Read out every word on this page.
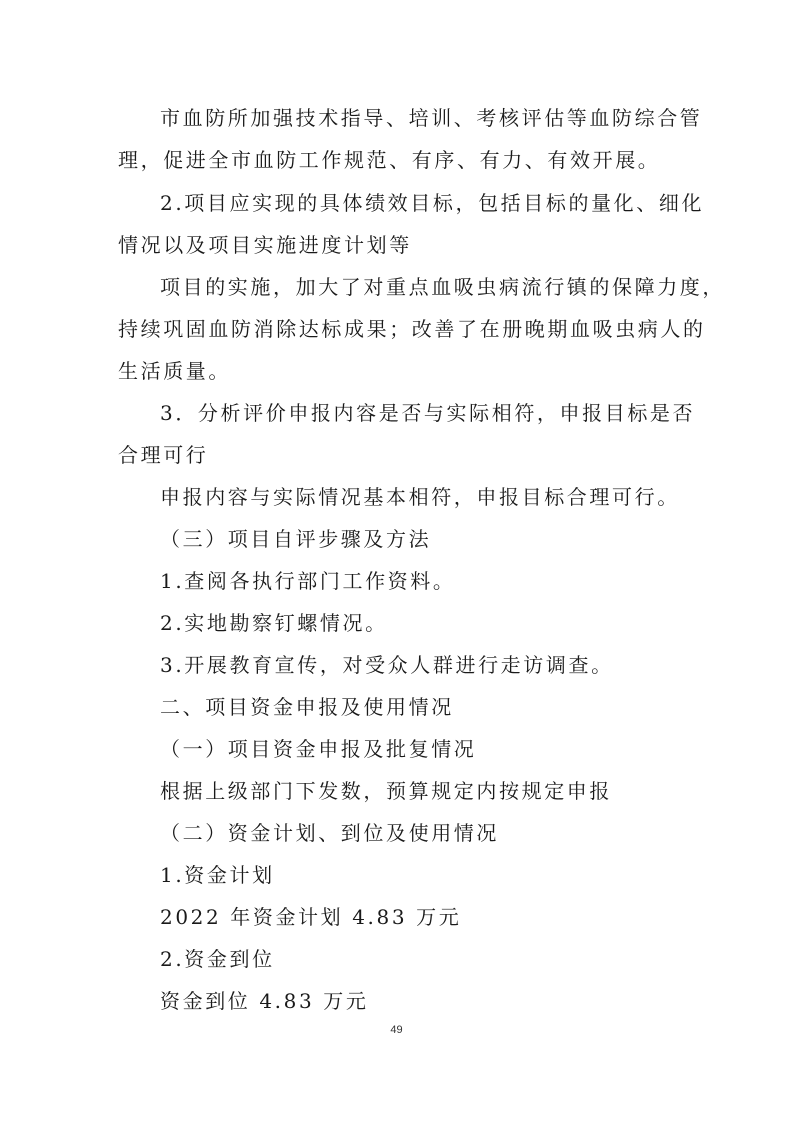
市血防所加强技术指导、培训、考核评估等血防综合管
理，促进全市血防工作规范、有序、有力、有效开展。
2.项目应实现的具体绩效目标，包括目标的量化、细化
情况以及项目实施进度计划等
项目的实施，加大了对重点血吸虫病流行镇的保障力度，
持续巩固血防消除达标成果；改善了在册晚期血吸虫病人的
生活质量。
3．分析评价申报内容是否与实际相符，申报目标是否
合理可行
申报内容与实际情况基本相符，申报目标合理可行。
（三）项目自评步骤及方法
1.查阅各执行部门工作资料。
2.实地勘察钉螺情况。
3.开展教育宣传，对受众人群进行走访调查。
二、项目资金申报及使用情况
（一）项目资金申报及批复情况
根据上级部门下发数，预算规定内按规定申报
（二）资金计划、到位及使用情况
1.资金计划
2022 年资金计划 4.83 万元
2.资金到位
资金到位 4.83 万元
49
